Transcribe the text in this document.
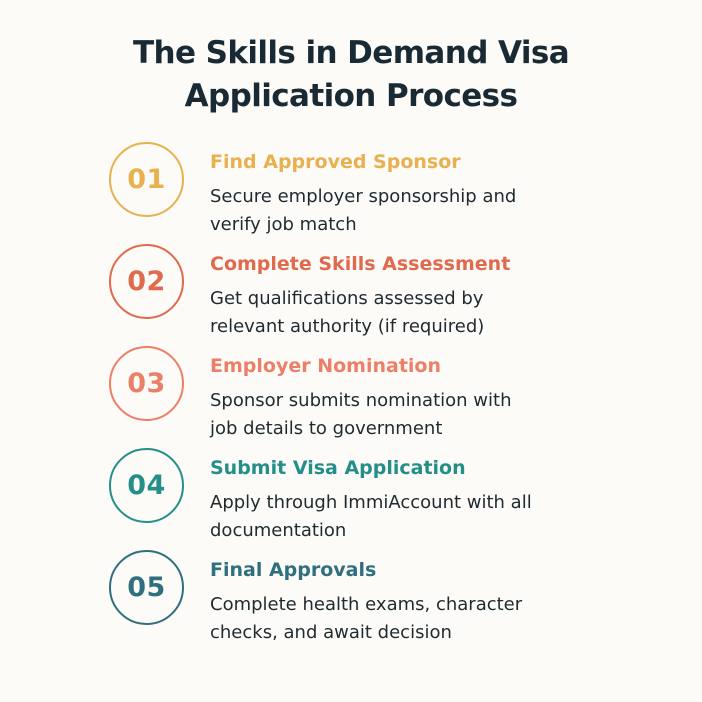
The Skills in Demand Visa
Application Process
01
Find Approved Sponsor
Secure employer sponsorship and
verify job match
02
Complete Skills Assessment
Get qualifications assessed by
relevant authority (if required)
03
Employer Nomination
Sponsor submits nomination with
job details to government
04
Submit Visa Application
Apply through ImmiAccount with all
documentation
05
Final Approvals
Complete health exams, character
checks, and await decision
